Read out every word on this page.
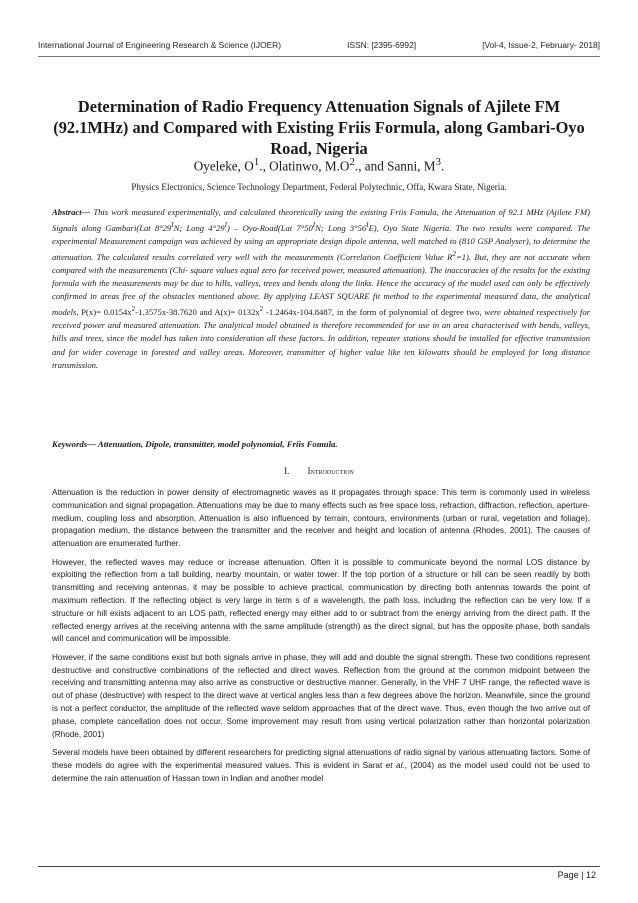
International Journal of Engineering Research & Science (IJOER)	ISSN: [2395-6992]	[Vol-4, Issue-2, February- 2018]
Determination of Radio Frequency Attenuation Signals of Ajilete FM (92.1MHz) and Compared with Existing Friis Formula, along Gambari-Oyo Road, Nigeria
Oyeleke, $O^1$., Olatinwo, $M.O^2$., and Sanni, $M^3$.
Physics Electronics, Science Technology Department, Federal Polytechnic, Offa, Kwara State, Nigeria.
Abstract— This work measured experimentally, and calculated theoretically using the existing Friis Fomula, the Attenuation of 92.1 MHz (Ajilete FM) Signals along Gambari(Lat $8^\circ 29^IN$; Long $4^\circ 29^I$) – Oyo-Road(Lat $7^\circ 50^IN$; Long $3^\circ 56^IE$), Oyo State Nigeria. The two results were compared. The experimental Measurement campaign was achieved by using an appropriate design dipole antenna, well matched to (810 GSP Analyser), to determine the attenuation. The calculated results correlated very well with the measurements (Correlation Coefficient Value $R^2=1$). But, they are not accurate when compared with the measurements (Chi- square values equal zero for received power, measured attenuation). The inaccuracies of the results for the existing formula with the measurements may be due to hills, valleys, trees and bends along the links. Hence the accuracy of the model used can only be effectively confirmed in areas free of the obstacles mentioned above. By applying LEAST SQUARE fit method to the experimental measured data, the analytical models, $P(x)= 0.0154x^2-1.3575x-38.7620$ and $A(x)= 0132x^2$ -1.2464x-104.8487, in the form of polynomial of degree two, were obtained respectively for received power and measured attenuation. The analytical model obtained is therefore recommended for use in an area characterised with bends, valleys, hills and trees, since the model has taken into consideration all these factors. In addition, repeater stations should be installed for effective transmission and for wider coverage in forested and valley areas. Moreover, transmitter of higher value like ten kilowatts should be employed for long distance transmission.
Keywords— Attenuation, Dipole, transmitter, model polynomial, Friis Fomula.
I. Introduction

Attenuation is the reduction in power density of electromagnetic waves as it propagates through space. This term is commonly used in wireless communication and signal propagation. Attenuations may be due to many effects such as free space loss, refraction, diffraction, reflection, aperture-medium, coupling loss and absorption. Attenuation is also influenced by terrain, contours, environments (urban or rural, vegetation and foliage), propagation medium, the distance between the transmitter and the receiver and height and location of antenna (Rhodes, 2001). The causes of attenuation are enumerated further.

However, the reflected waves may reduce or increase attenuation. Often it is possible to communicate beyond the normal LOS distance by exploiting the reflection from a tall building, nearby mountain, or water tower. If the top portion of a structure or hill can be seen readily by both transmitting and receiving antennas, it may be possible to achieve practical, communication by directing both antennas towards the point of maximum reflection. If the reflecting object is very large in term s of a wavelength, the path loss, including the reflection can be very low. If a structure or hill exists adjacent to an LOS path, reflected energy may either add to or subtract from the energy arriving from the direct path. If the reflected energy arrives at the receiving antenna with the same amplitude (strength) as the direct signal, but has the opposite phase, both sandals will cancel and communication will be impossible.

However, if the same conditions exist but both signals arrive in phase, they will add and double the signal strength. These two conditions represent destructive and constructive combinations of the reflected and direct waves. Reflection from the ground at the common midpoint between the receiving and transmitting antenna may also arrive as constructive or destructive manner. Generally, in the VHF 7 UHF range, the reflected wave is out of phase (destructive) with respect to the direct wave at vertical angles less than a few degrees above the horizon. Meanwhile, since the ground is not a perfect conductor, the amplitude of the reflected wave seldom approaches that of the direct wave. Thus, even though the two arrive out of phase, complete cancellation does not occur. Some improvement may result from using vertical polarization rather than horizontal polarization (Rhode, 2001)

Several models have been obtained by different researchers for predicting signal attenuations of radio signal by various attenuating factors. Some of these models do agree with the experimental measured values. This is evident in Sarat et al., (2004) as the model used could not be used to determine the rain attenuation of Hassan town in Indian and another model

Page | 12
